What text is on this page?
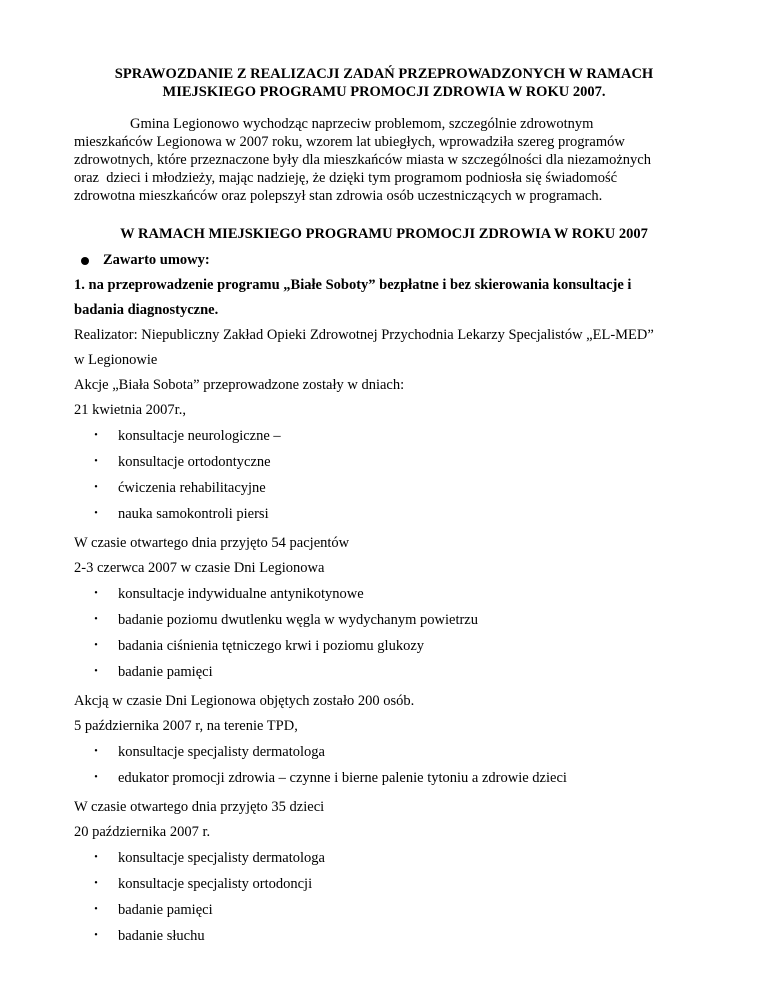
SPRAWOZDANIE Z REALIZACJI ZADAŃ PRZEPROWADZONYCH W RAMACH

MIEJSKIEGO PROGRAMU PROMOCJI ZDROWIA W ROKU 2007.

Gmina Legionowo wychodząc naprzeciw problemom, szczególnie zdrowotnym
mieszkańców Legionowa w 2007 roku, wzorem lat ubiegłych, wprowadziła szereg programów
zdrowotnych, które przeznaczone były dla mieszkańców miasta w szczególności dla niezamożnych
oraz  dzieci i młodzieży, mając nadzieję, że dzięki tym programom podniosła się świadomość
zdrowotna mieszkańców oraz polepszył stan zdrowia osób uczestniczących w programach.

W RAMACH MIEJSKIEGO PROGRAMU PROMOCJI ZDROWIA W ROKU 2007

Zawarto umowy:

1. na przeprowadzenie programu „Białe Soboty” bezpłatne i bez skierowania konsultacje i

badania diagnostyczne.

Realizator: Niepubliczny Zakład Opieki Zdrowotnej Przychodnia Lekarzy Specjalistów „EL-MED”

w Legionowie

Akcje „Biała Sobota” przeprowadzone zostały w dniach:

21 kwietnia 2007r.,

•	konsultacje neurologiczne –
•	konsultacje ortodontyczne
•	ćwiczenia rehabilitacyjne
•	nauka samokontroli piersi

W czasie otwartego dnia przyjęto 54 pacjentów

2-3 czerwca 2007 w czasie Dni Legionowa

•	konsultacje indywidualne antynikotynowe
•	badanie poziomu dwutlenku węgla w wydychanym powietrzu
•	badania ciśnienia tętniczego krwi i poziomu glukozy
•	badanie pamięci

Akcją w czasie Dni Legionowa objętych zostało 200 osób.

5 października 2007 r, na terenie TPD,

•	konsultacje specjalisty dermatologa
•	edukator promocji zdrowia – czynne i bierne palenie tytoniu a zdrowie dzieci

W czasie otwartego dnia przyjęto 35 dzieci

20 października 2007 r.

•	konsultacje specjalisty dermatologa
•	konsultacje specjalisty ortodoncji
•	badanie pamięci
•	badanie słuchu
